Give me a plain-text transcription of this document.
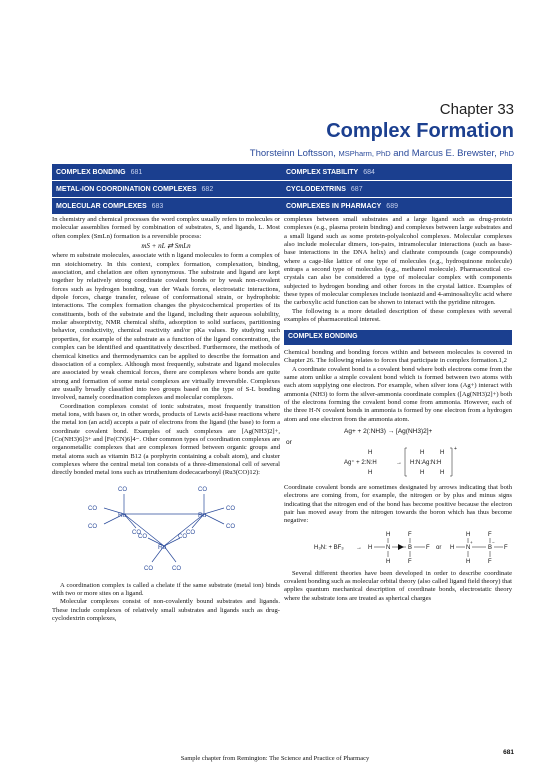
Chapter 33
Complex Formation
Thorsteinn Loftsson, MSPharm, PhD and Marcus E. Brewster, PhD
COMPLEX BONDING 681	COMPLEX STABILITY 684
METAL-ION COORDINATION COMPLEXES 682	CYCLODEXTRINS 687
MOLECULAR COMPLEXES 683	COMPLEXES IN PHARMACY 689

In chemistry and chemical processes the word complex usually refers to molecules or molecular assemblies formed by combination of substrates, S, and ligands, L. Most often complex (SmLn) formation is a reversible process:

mS + nL ⇄ SmLn

where m substrate molecules, associate with n ligand molecules to form a complex of mn stoichiometry. In this context, complex formation, complexation, binding, association, and chelation are often synonymous. The substrate and ligand are kept together by relatively strong coordinate covalent bonds or by weak non-covalent forces such as hydrogen bonding, van der Waals forces, electrostatic interactions, dipole forces, charge transfer, release of conformational strain, or hydrophobic interactions. The complex formation changes the physicochemical properties of its constituents, both of the substrate and the ligand, including their aqueous solubility, molar absorptivity, NMR chemical shifts, adsorption to solid surfaces, partitioning behavior, conductivity, chemical reactivity and/or pKa values. By studying such properties, for example of the substrate as a function of the ligand concentration, the complex can be identified and quantitatively described. Furthermore, the methods of chemical kinetics and thermodynamics can be applied to describe the formation and dissociation of a complex. Although most frequently, substrate and ligand molecules are associated by weak chemical forces, there are complexes where bonds are quite strong and formation of some metal complexes are virtually irreversible. Complexes are usually broadly classified into two groups based on the type of S-L bonding involved, namely coordination complexes and molecular complexes.

Coordination complexes consist of ionic substrates, most frequently transition metal ions, with bases or, in other words, products of Lewis acid-base reactions where the metal ion (an acid) accepts a pair of electrons from the ligand (the base) to form a coordinate covalent bond. Examples of such complexes are [Ag(NH3)2]+, [Co(NH3)6]3+ and [Fe(CN)6]4−. Other common types of coordination complexes are organometallic complexes that are complexes formed between organic groups and metal atoms such as vitamin B12 (a porphyrin containing a cobalt atom), and cluster complexes where the central metal ion consists of a three-dimensional cell of several directly bonded metal ions such as triruthenium dodecacarbonyl (Ru3(CO)12):

CO	CO
CO
CO
CO
CO
CO	CO
CO	CO
CO	CO
Ru	Ru
Ru

A coordination complex is called a chelate if the same substrate (metal ion) binds with two or more sites on a ligand.

Molecular complexes consist of non-covalently bound substrates and ligands. These include complexes of relatively small substrates and ligands such as drug-cyclodextrin complexes,

complexes between small substrates and a large ligand such as drug-protein complexes (e.g., plasma protein binding) and complexes between large substrates and a small ligand such as some protein-polyalcohol complexes. Molecular complexes also include molecular dimers, ion-pairs, intramolecular interactions (such as base-base interactions in the DNA helix) and clathrate compounds (cage compounds) where a cage-like lattice of one type of molecules (e.g., hydroquinone molecule) entraps a second type of molecules (e.g., methanol molecule). Pharmaceutical co-crystals can also be considered a type of molecular complex with components subjected to hydrogen bonding and other forces in the crystal lattice. Examples of these types of molecular complexes include isoniazid and 4-aminosalicylic acid where the carboxylic acid function can be shown to interact with the pyridine nitrogen.

The following is a more detailed description of these complexes with several examples of pharmaceutical interest.

COMPLEX BONDING

Chemical bonding and bonding forces within and between molecules is covered in Chapter 26. The following relates to forces that participate in complex formation.1,2

A coordinate covalent bond is a covalent bond where both electrons come from the same atom unlike a simple covalent bond which is formed between two atoms with each atom supplying one electron. For example, when silver ions (Ag+) interact with ammonia (NH3) to form the silver-ammonia coordinate complex ([Ag(NH3)2]+) both of the electrons forming the covalent bond come from ammonia. However, each of the three H-N covalent bonds in ammonia is formed by one electron from a hydrogen atom and one electron from the ammonia atom.

Ag+ + 2(:NH3) → [Ag(NH3)2]+
or
H
Ag⁺ + 2:N:H
H
→
H	H
H:N:Ag:N:H
H	H
+

Coordinate covalent bonds are sometimes designated by arrows indicating that both electrons are coming from, for example, the nitrogen or by plus and minus signs indicating that the nitrogen end of the bond has become positive because the electron pair has moved away from the nitrogen towards the boron which has thus become negative:

H₃N: + BF₃ →
H	F
H N	B F
H	F
or
H	F
H N	B F
H	F
+	−

Several different theories have been developed in order to describe coordinate covalent bonding such as molecular orbital theory (also called ligand field theory) that applies quantum mechanical description of coordinate bonds, electrostatic theory where the substrate ions are treated as spherical charges

681
Sample chapter from Remington: The Science and Practice of Pharmacy
